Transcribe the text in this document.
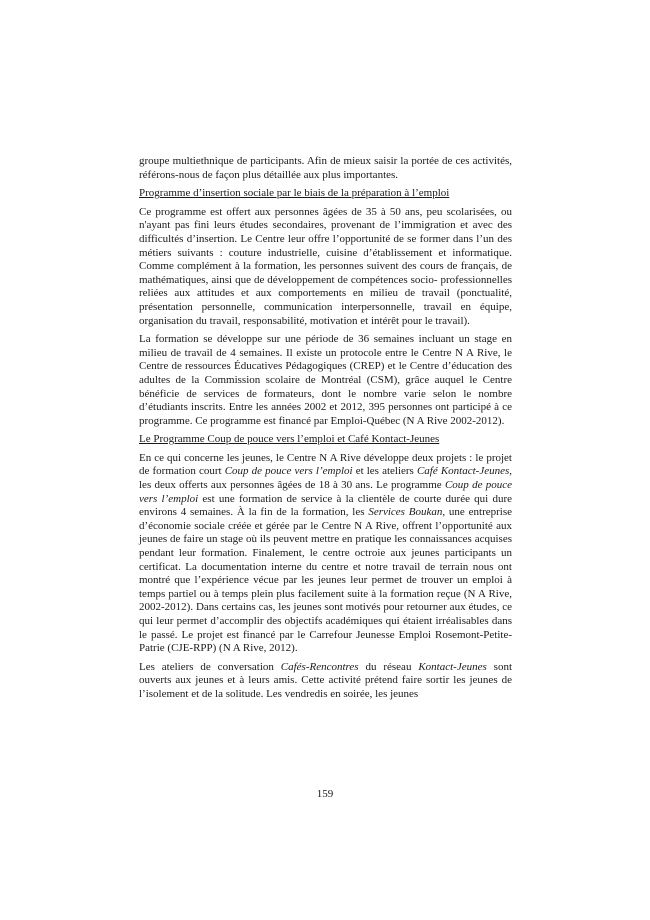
groupe multiethnique de participants. Afin de mieux saisir la portée de ces activités, référons-nous de façon plus détaillée aux plus importantes.

Programme d’insertion sociale par le biais de la préparation à l’emploi

Ce programme est offert aux personnes âgées de 35 à 50 ans, peu scolarisées, ou n'ayant pas fini leurs études secondaires, provenant de l’immigration et avec des difficultés d’insertion. Le Centre leur offre l’opportunité de se former dans l’un des métiers suivants : couture industrielle, cuisine d’établissement et informatique. Comme complément à la formation, les personnes suivent des cours de français, de mathématiques, ainsi que de développement de compétences socio- professionnelles reliées aux attitudes et aux comportements en milieu de travail (ponctualité, présentation personnelle, communication interpersonnelle, travail en équipe, organisation du travail, responsabilité, motivation et intérêt pour le travail).

La formation se développe sur une période de 36 semaines incluant un stage en milieu de travail de 4 semaines. Il existe un protocole entre le Centre N A Rive, le Centre de ressources Éducatives Pédagogiques (CREP) et le Centre d’éducation des adultes de la Commission scolaire de Montréal (CSM), grâce auquel le Centre bénéficie de services de formateurs, dont le nombre varie selon le nombre d’étudiants inscrits. Entre les années 2002 et 2012, 395 personnes ont participé à ce programme. Ce programme est financé par Emploi-Québec (N A Rive 2002-2012).

Le Programme Coup de pouce vers l’emploi et Café Kontact-Jeunes

En ce qui concerne les jeunes, le Centre N A Rive développe deux projets : le projet de formation court Coup de pouce vers l’emploi et les ateliers Café Kontact-Jeunes, les deux offerts aux personnes âgées de 18 à 30 ans. Le programme Coup de pouce vers l’emploi est une formation de service à la clientèle de courte durée qui dure environs 4 semaines. À la fin de la formation, les Services Boukan, une entreprise d’économie sociale créée et gérée par le Centre N A Rive, offrent l’opportunité aux jeunes de faire un stage où ils peuvent mettre en pratique les connaissances acquises pendant leur formation. Finalement, le centre octroie aux jeunes participants un certificat. La documentation interne du centre et notre travail de terrain nous ont montré que l’expérience vécue par les jeunes leur permet de trouver un emploi à temps partiel ou à temps plein plus facilement suite à la formation reçue (N A Rive, 2002-2012). Dans certains cas, les jeunes sont motivés pour retourner aux études, ce qui leur permet d’accomplir des objectifs académiques qui étaient irréalisables dans le passé. Le projet est financé par le Carrefour Jeunesse Emploi Rosemont-Petite-Patrie (CJE-RPP) (N A Rive, 2012).

Les ateliers de conversation Cafés-Rencontres du réseau Kontact-Jeunes sont ouverts aux jeunes et à leurs amis. Cette activité prétend faire sortir les jeunes de l’isolement et de la solitude. Les vendredis en soirée, les jeunes

159
